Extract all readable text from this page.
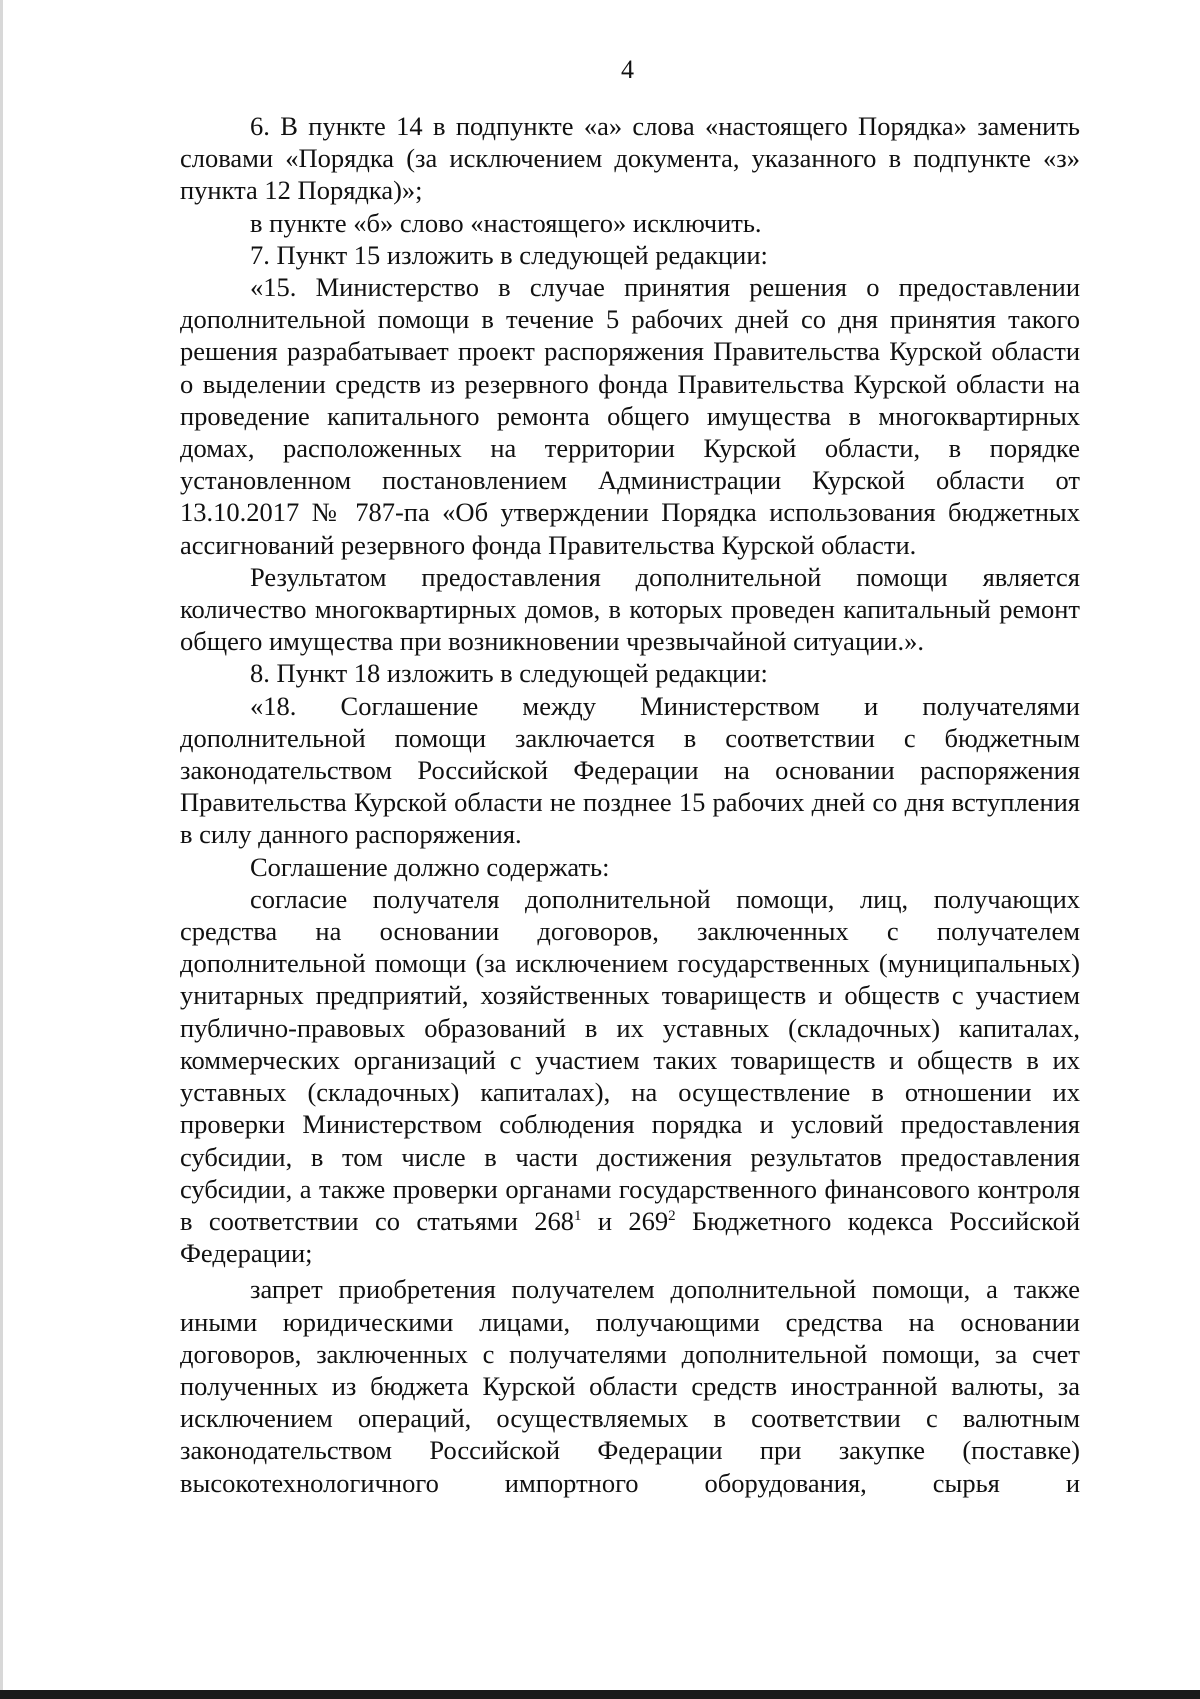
4

6. В пункте 14 в подпункте «а» слова «настоящего Порядка» заменить словами «Порядка (за исключением документа, указанного в подпункте «з» пункта 12 Порядка)»;

в пункте «б» слово «настоящего» исключить.

7. Пункт 15 изложить в следующей редакции:

«15. Министерство в случае принятия решения о предоставлении дополнительной помощи в течение 5 рабочих дней со дня принятия такого решения разрабатывает проект распоряжения Правительства Курской области о выделении средств из резервного фонда Правительства Курской области на проведение капитального ремонта общего имущества в многоквартирных домах, расположенных на территории Курской области, в порядке установленном постановлением Администрации Курской области от 13.10.2017 № 787-па «Об утверждении Порядка использования бюджетных ассигнований резервного фонда Правительства Курской области.

Результатом предоставления дополнительной помощи является количество многоквартирных домов, в которых проведен капитальный ремонт общего имущества при возникновении чрезвычайной ситуации.».

8. Пункт 18 изложить в следующей редакции:

«18. Соглашение между Министерством и получателями дополнительной помощи заключается в соответствии с бюджетным законодательством Российской Федерации на основании распоряжения Правительства Курской области не позднее 15 рабочих дней со дня вступления в силу данного распоряжения.

Соглашение должно содержать:

согласие получателя дополнительной помощи, лиц, получающих средства на основании договоров, заключенных с получателем дополнительной помощи (за исключением государственных (муниципальных) унитарных предприятий, хозяйственных товариществ и обществ с участием публично-правовых образований в их уставных (складочных) капиталах, коммерческих организаций с участием таких товариществ и обществ в их уставных (складочных) капиталах), на осуществление в отношении их проверки Министерством соблюдения порядка и условий предоставления субсидии, в том числе в части достижения результатов предоставления субсидии, а также проверки органами государственного финансового контроля в соответствии со статьями $268^1$ и $269^2$ Бюджетного кодекса Российской Федерации;

запрет приобретения получателем дополнительной помощи, а также иными юридическими лицами, получающими средства на основании договоров, заключенных с получателями дополнительной помощи, за счет полученных из бюджета Курской области средств иностранной валюты, за исключением операций, осуществляемых в соответствии с валютным законодательством Российской Федерации при закупке (поставке) высокотехнологичного импортного оборудования, сырья и
